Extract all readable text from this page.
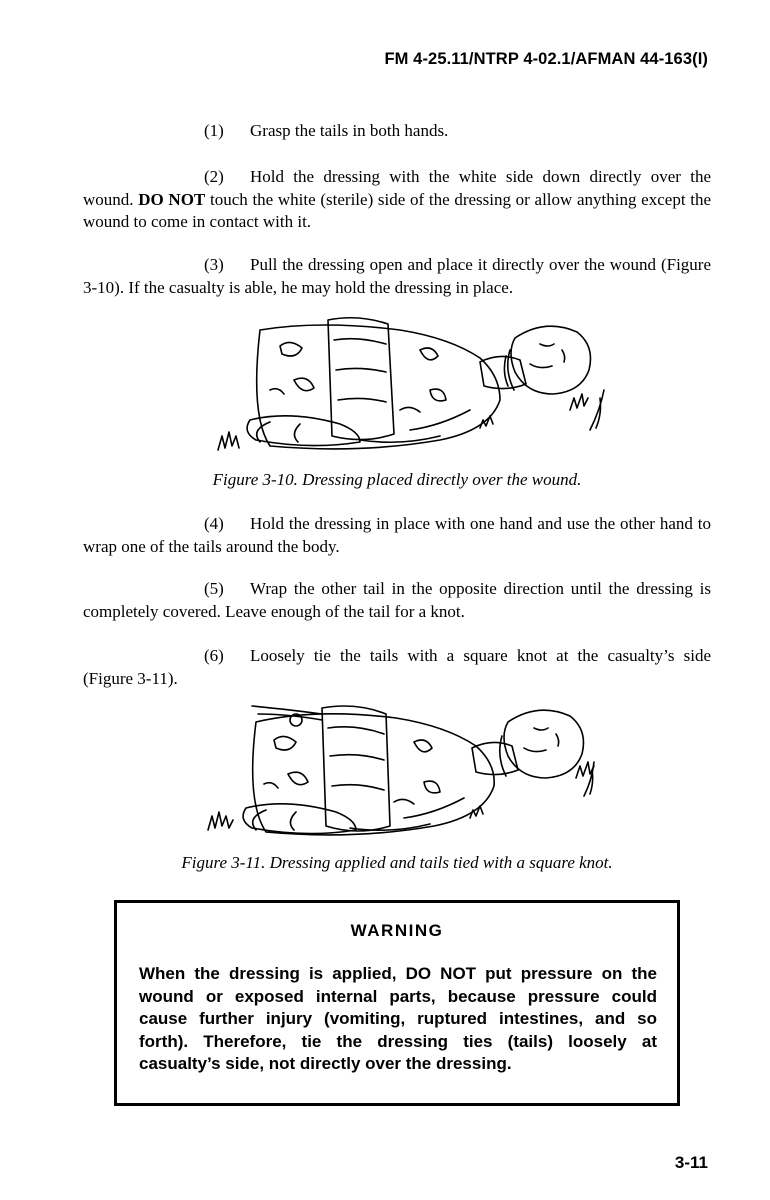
FM 4-25.11/NTRP 4-02.1/AFMAN 44-163(I)
(1) Grasp the tails in both hands.
(2) Hold the dressing with the white side down directly over the wound. DO NOT touch the white (sterile) side of the dressing or allow anything except the wound to come in contact with it.
(3) Pull the dressing open and place it directly over the wound (Figure 3-10). If the casualty is able, he may hold the dressing in place.
Figure 3-10. Dressing placed directly over the wound.
(4) Hold the dressing in place with one hand and use the other hand to wrap one of the tails around the body.
(5) Wrap the other tail in the opposite direction until the dressing is completely covered. Leave enough of the tail for a knot.
(6) Loosely tie the tails with a square knot at the casualty’s side (Figure 3-11).
Figure 3-11. Dressing applied and tails tied with a square knot.
WARNING
When the dressing is applied, DO NOT put pressure on the wound or exposed internal parts, because pressure could cause further injury (vomiting, ruptured intestines, and so forth). Therefore, tie the dressing ties (tails) loosely at casualty’s side, not directly over the dressing.
3-11
